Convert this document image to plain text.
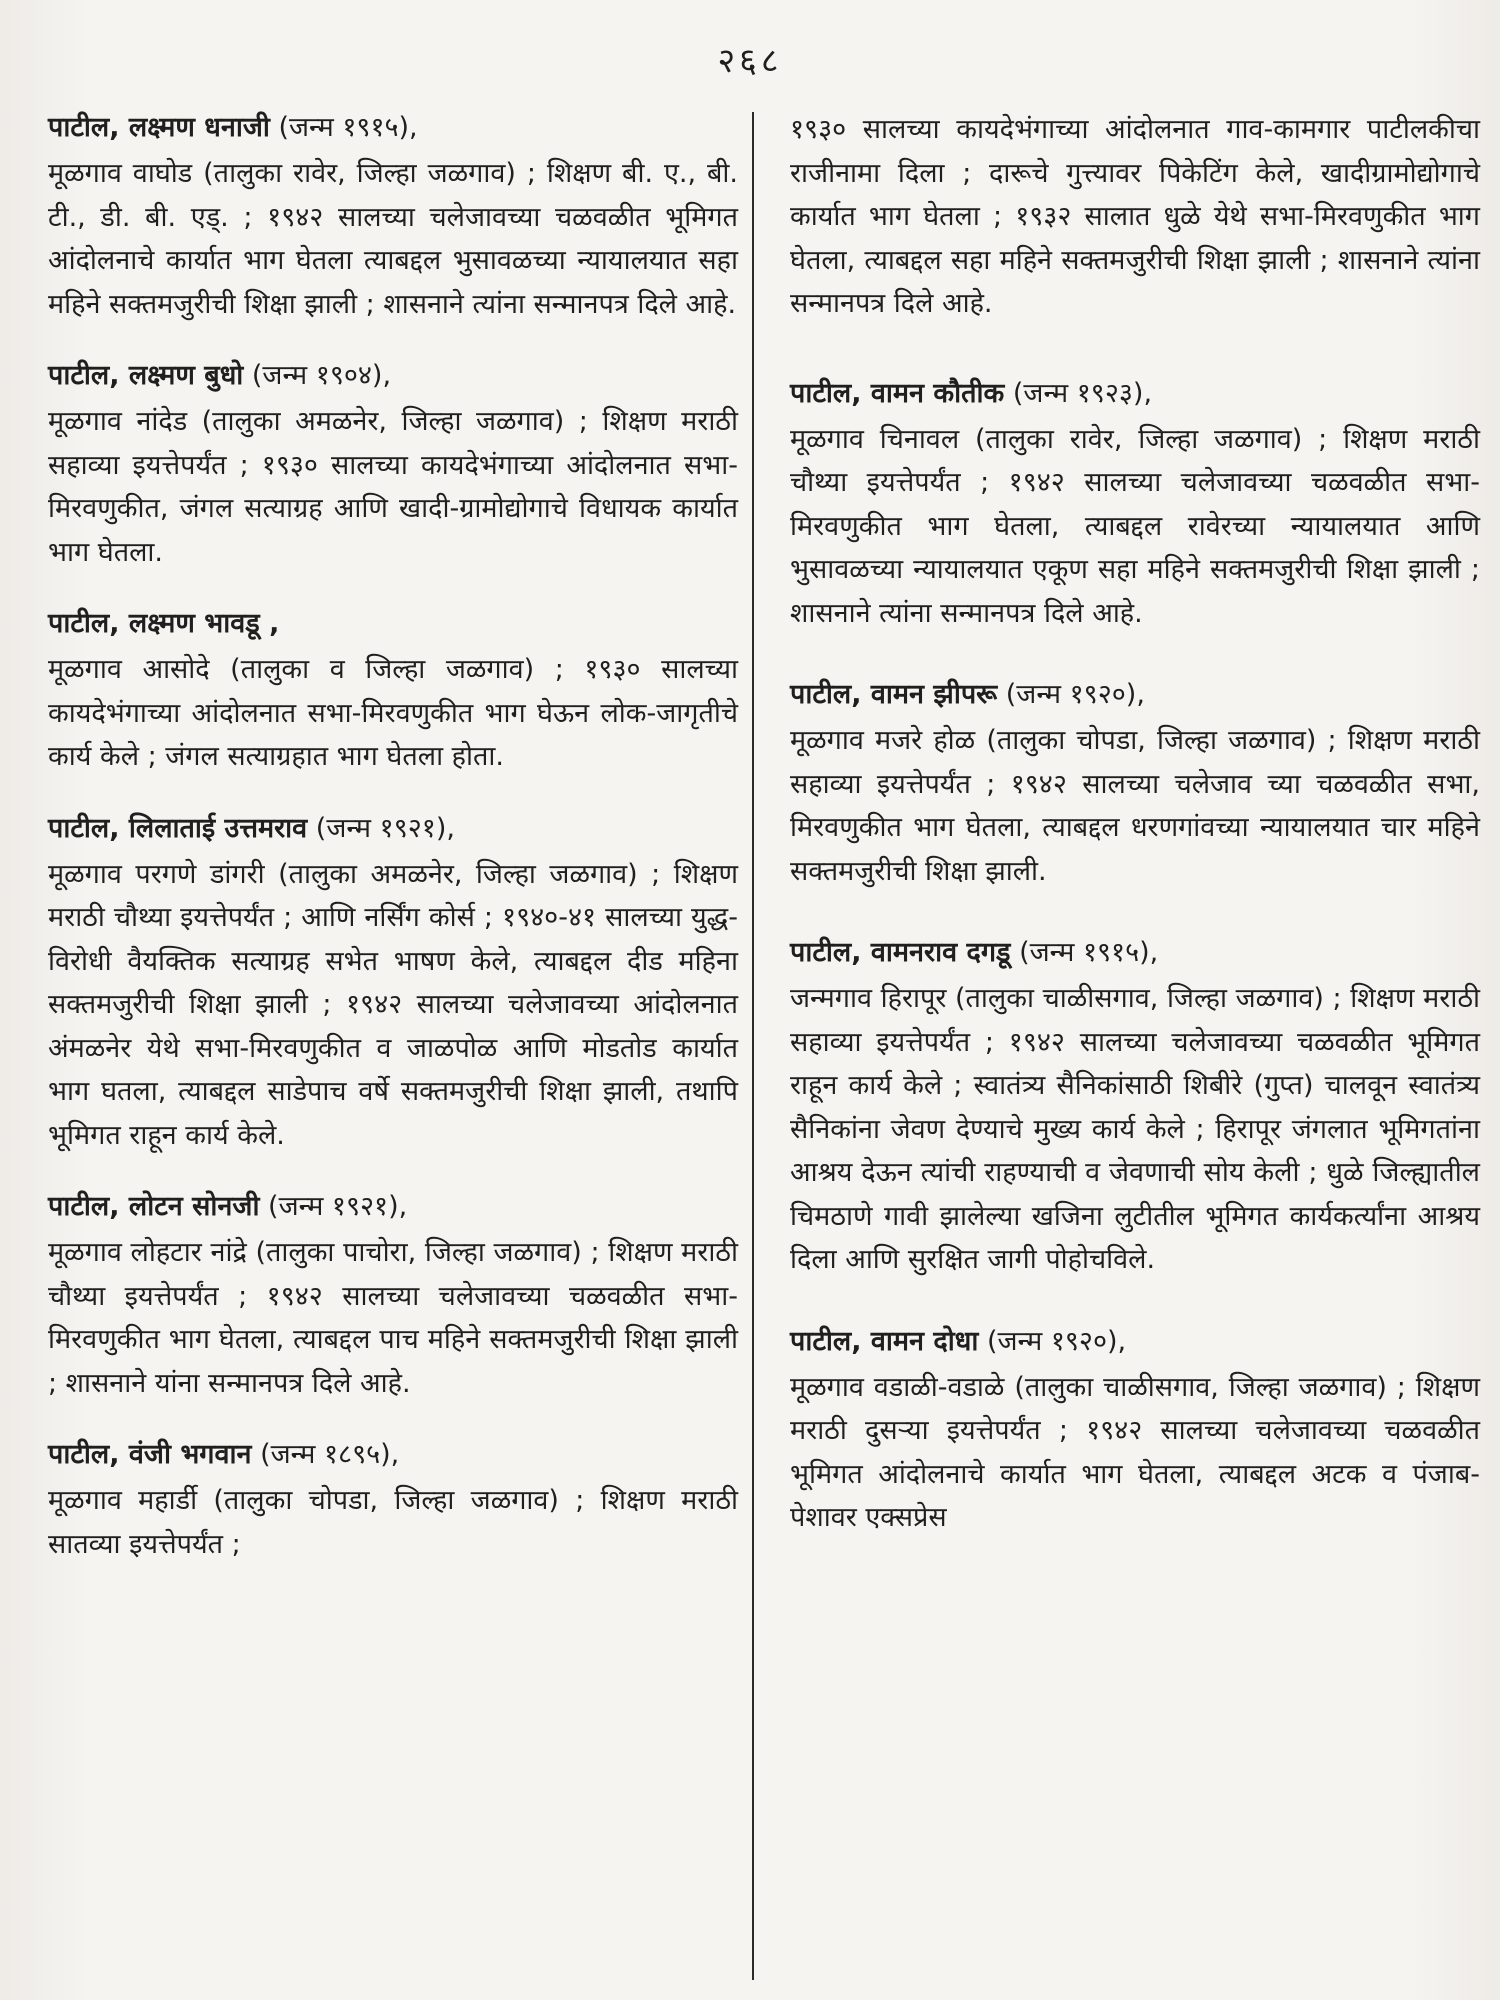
२६८

पाटील, लक्ष्मण धनाजी (जन्म १९१५),

मूळगाव वाघोड (तालुका रावेर, जिल्हा जळगाव) ; शिक्षण बी. ए., बी. टी., डी. बी. एड्. ; १९४२ सालच्या चलेजावच्या चळवळीत भूमिगत आंदोलनाचे कार्यात भाग घेतला त्याबद्दल भुसावळच्या न्यायालयात सहा महिने सक्तमजुरीची शिक्षा झाली ; शासनाने त्यांना सन्मानपत्र दिले आहे.

पाटील, लक्ष्मण बुधो (जन्म १९०४),

मूळगाव नांदेड (तालुका अमळनेर, जिल्हा जळगाव) ; शिक्षण मराठी सहाव्या इयत्तेपर्यंत ; १९३० सालच्या कायदेभंगाच्या आंदोलनात सभा-मिरवणुकीत, जंगल सत्याग्रह आणि खादी-ग्रामोद्योगाचे विधायक कार्यात भाग घेतला.

पाटील, लक्ष्मण भावडू ,

मूळगाव आसोदे (तालुका व जिल्हा जळगाव) ; १९३० सालच्या कायदेभंगाच्या आंदोलनात सभा-मिरवणुकीत भाग घेऊन लोक-जागृतीचे कार्य केले ; जंगल सत्याग्रहात भाग घेतला होता.

पाटील, लिलाताई उत्तमराव (जन्म १९२१),

मूळगाव परगणे डांगरी (तालुका अमळनेर, जिल्हा जळगाव) ; शिक्षण मराठी चौथ्या इयत्तेपर्यंत ; आणि नर्सिंग कोर्स ; १९४०-४१ सालच्या युद्ध-विरोधी वैयक्तिक सत्याग्रह सभेत भाषण केले, त्याबद्दल दीड महिना सक्तमजुरीची शिक्षा झाली ; १९४२ सालच्या चलेजावच्या आंदोलनात अंमळनेर येथे सभा-मिरवणुकीत व जाळपोळ आणि मोडतोड कार्यात भाग घतला, त्याबद्दल साडेपाच वर्षे सक्तमजुरीची शिक्षा झाली, तथापि भूमिगत राहून कार्य केले.

पाटील, लोटन सोनजी (जन्म १९२१),

मूळगाव लोहटार नांद्रे (तालुका पाचोरा, जिल्हा जळगाव) ; शिक्षण मराठी चौथ्या इयत्तेपर्यंत ; १९४२ सालच्या चलेजावच्या चळवळीत सभा-मिरवणुकीत भाग घेतला, त्याबद्दल पाच महिने सक्तमजुरीची शिक्षा झाली ; शासनाने यांना सन्मानपत्र दिले आहे.

पाटील, वंजी भगवान (जन्म १८९५),

मूळगाव महार्डी (तालुका चोपडा, जिल्हा जळगाव) ; शिक्षण मराठी सातव्या इयत्तेपर्यंत ;

१९३० सालच्या कायदेभंगाच्या आंदोलनात गाव-कामगार पाटीलकीचा राजीनामा दिला ; दारूचे गुत्त्यावर पिकेटिंग केले, खादीग्रामोद्योगाचे कार्यात भाग घेतला ; १९३२ सालात धुळे येथे सभा-मिरवणुकीत भाग घेतला, त्याबद्दल सहा महिने सक्तमजुरीची शिक्षा झाली ; शासनाने त्यांना सन्मानपत्र दिले आहे.

पाटील, वामन कौतीक (जन्म १९२३),

मूळगाव चिनावल (तालुका रावेर, जिल्हा जळगाव) ; शिक्षण मराठी चौथ्या इयत्तेपर्यंत ; १९४२ सालच्या चलेजावच्या चळवळीत सभा-मिरवणुकीत भाग घेतला, त्याबद्दल रावेरच्या न्यायालयात आणि भुसावळच्या न्यायालयात एकूण सहा महिने सक्तमजुरीची शिक्षा झाली ; शासनाने त्यांना सन्मानपत्र दिले आहे.

पाटील, वामन झीपरू (जन्म १९२०),

मूळगाव मजरे होळ (तालुका चोपडा, जिल्हा जळगाव) ; शिक्षण मराठी सहाव्या इयत्तेपर्यंत ; १९४२ सालच्या चलेजाव च्या चळवळीत सभा, मिरवणुकीत भाग घेतला, त्याबद्दल धरणगांवच्या न्यायालयात चार महिने सक्तमजुरीची शिक्षा झाली.

पाटील, वामनराव दगडू (जन्म १९१५),

जन्मगाव हिरापूर (तालुका चाळीसगाव, जिल्हा जळगाव) ; शिक्षण मराठी सहाव्या इयत्तेपर्यंत ; १९४२ सालच्या चलेजावच्या चळवळीत भूमिगत राहून कार्य केले ; स्वातंत्र्य सैनिकांसाठी शिबीरे (गुप्त) चालवून स्वातंत्र्य सैनिकांना जेवण देण्याचे मुख्य कार्य केले ; हिरापूर जंगलात भूमिगतांना आश्रय देऊन त्यांची राहण्याची व जेवणाची सोय केली ; धुळे जिल्ह्यातील चिमठाणे गावी झालेल्या खजिना लुटीतील भूमिगत कार्यकर्त्यांना आश्रय दिला आणि सुरक्षित जागी पोहोचविले.

पाटील, वामन दोधा (जन्म १९२०),

मूळगाव वडाळी-वडाळे (तालुका चाळीसगाव, जिल्हा जळगाव) ; शिक्षण मराठी दुसऱ्या इयत्तेपर्यंत ; १९४२ सालच्या चलेजावच्या चळवळीत भूमिगत आंदोलनाचे कार्यात भाग घेतला, त्याबद्दल अटक व पंजाब-पेशावर एक्सप्रेस
